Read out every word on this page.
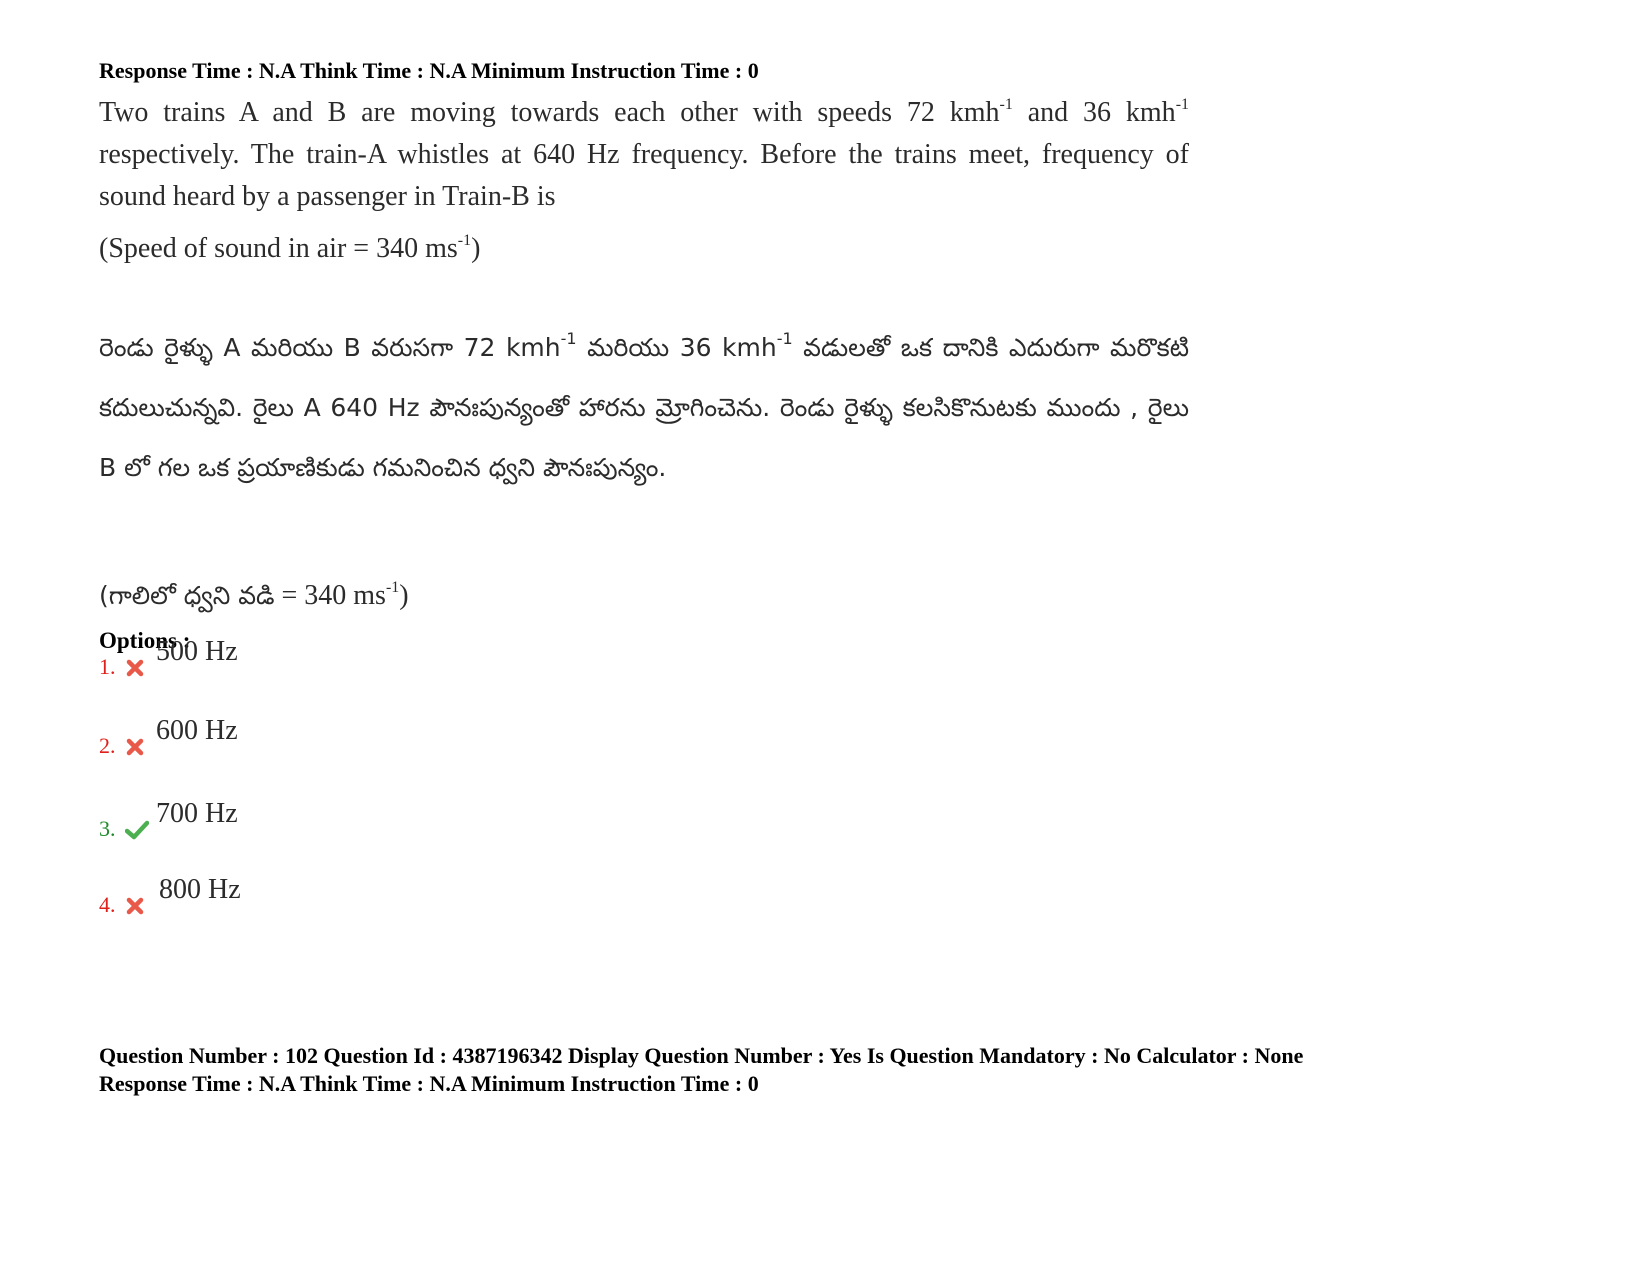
Response Time : N.A Think Time : N.A Minimum Instruction Time : 0

Two trains A and B are moving towards each other with speeds 72 kmh$^{-1}$ and 36 kmh$^{-1}$ respectively. The train-A whistles at 640 Hz frequency. Before the trains meet, frequency of sound heard by a passenger in Train-B is

(Speed of sound in air = 340 $ms^{-1}$)

రెండు రైళ్ళు A మరియు B వరుసగా 72 kmh$^{-1}$ మరియు 36 kmh$^{-1}$ వడులతో ఒక దానికి ఎదురుగా మరొకటి కదులుచున్నవి. రైలు A 640 Hz పౌనఃపున్యంతో హారను మ్రోగించెను. రెండు రైళ్ళు కలసికొనుటకు ముందు , రైలు B లో గల ఒక ప్రయాణికుడు గమనించిన ధ్వని పౌనఃపున్యం.

(గాలిలో ధ్వని వడి = 340 $ms^{-1}$)
Options :
1. 500 Hz
2. 600 Hz
3. 700 Hz
4. 800 Hz
Question Number : 102 Question Id : 4387196342 Display Question Number : Yes Is Question Mandatory : No Calculator : None
Response Time : N.A Think Time : N.A Minimum Instruction Time : 0
